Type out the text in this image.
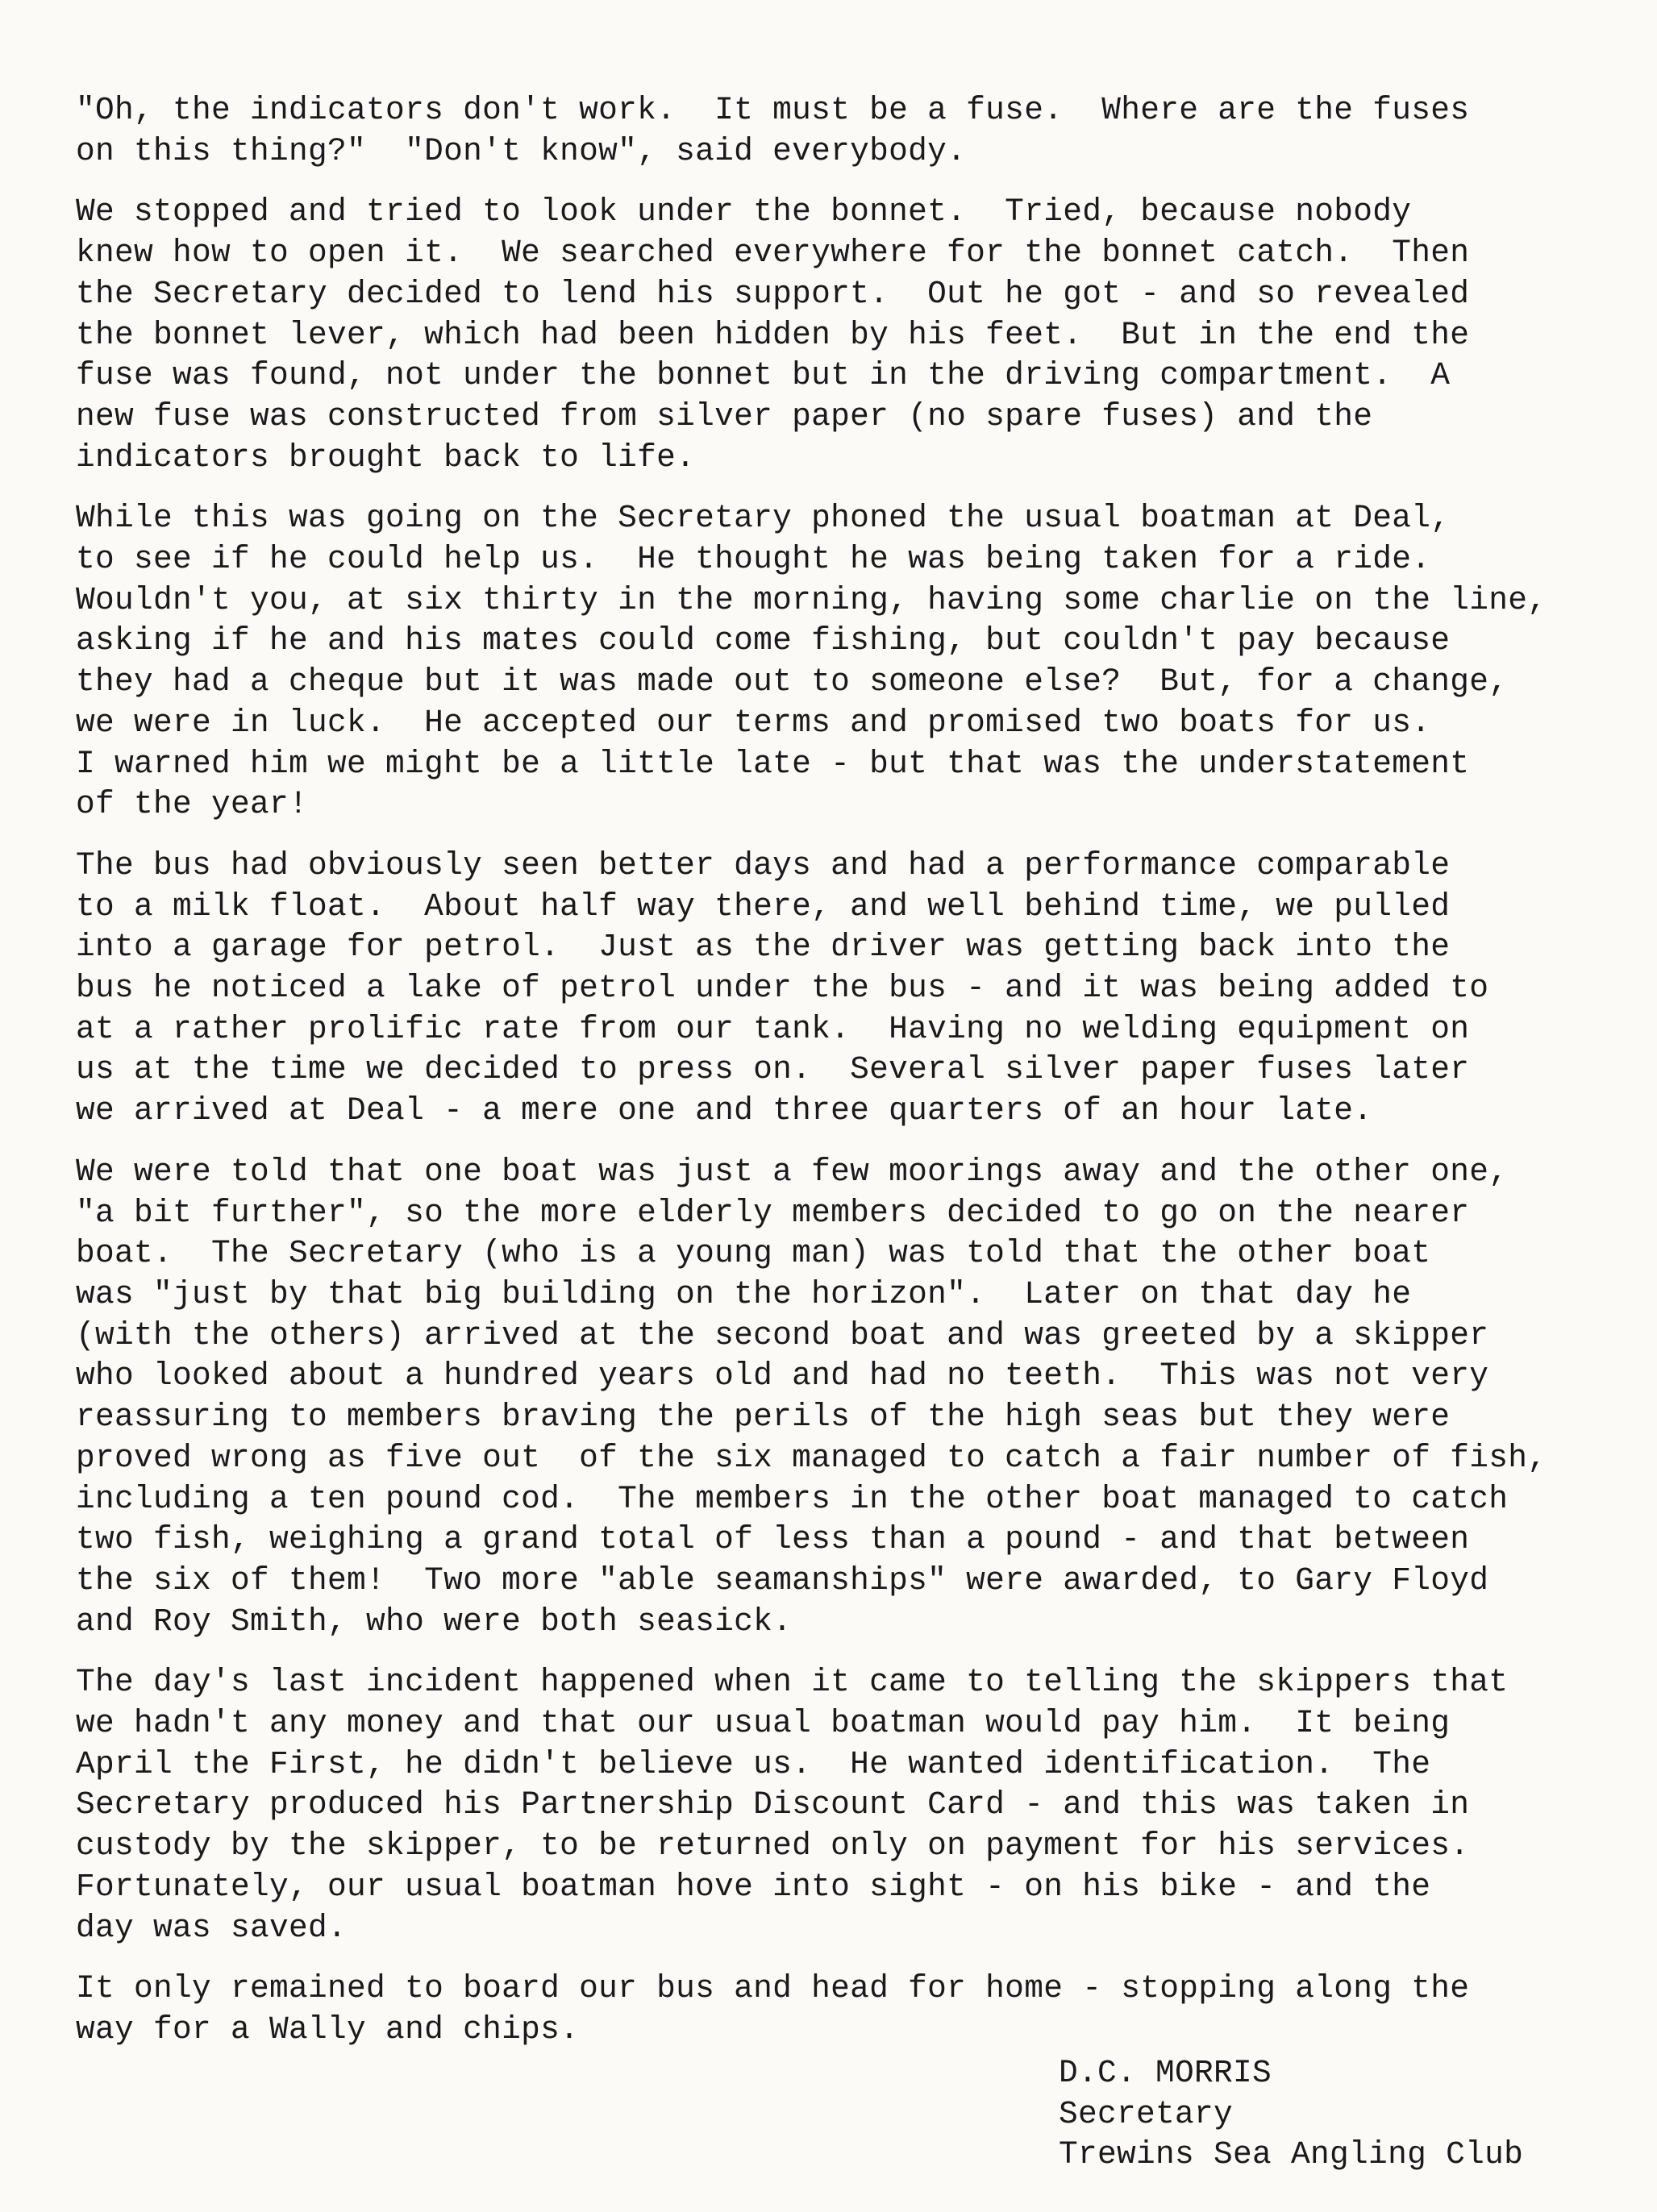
"Oh, the indicators don't work.  It must be a fuse.  Where are the fuses
on this thing?"  "Don't know", said everybody.
We stopped and tried to look under the bonnet.  Tried, because nobody
knew how to open it.  We searched everywhere for the bonnet catch.  Then
the Secretary decided to lend his support.  Out he got - and so revealed
the bonnet lever, which had been hidden by his feet.  But in the end the
fuse was found, not under the bonnet but in the driving compartment.  A
new fuse was constructed from silver paper (no spare fuses) and the
indicators brought back to life.
While this was going on the Secretary phoned the usual boatman at Deal,
to see if he could help us.  He thought he was being taken for a ride.
Wouldn't you, at six thirty in the morning, having some charlie on the line,
asking if he and his mates could come fishing, but couldn't pay because
they had a cheque but it was made out to someone else?  But, for a change,
we were in luck.  He accepted our terms and promised two boats for us.
I warned him we might be a little late - but that was the understatement
of the year!
The bus had obviously seen better days and had a performance comparable
to a milk float.  About half way there, and well behind time, we pulled
into a garage for petrol.  Just as the driver was getting back into the
bus he noticed a lake of petrol under the bus - and it was being added to
at a rather prolific rate from our tank.  Having no welding equipment on
us at the time we decided to press on.  Several silver paper fuses later
we arrived at Deal - a mere one and three quarters of an hour late.
We were told that one boat was just a few moorings away and the other one,
"a bit further", so the more elderly members decided to go on the nearer
boat.  The Secretary (who is a young man) was told that the other boat
was "just by that big building on the horizon".  Later on that day he
(with the others) arrived at the second boat and was greeted by a skipper
who looked about a hundred years old and had no teeth.  This was not very
reassuring to members braving the perils of the high seas but they were
proved wrong as five out  of the six managed to catch a fair number of fish,
including a ten pound cod.  The members in the other boat managed to catch
two fish, weighing a grand total of less than a pound - and that between
the six of them!  Two more "able seamanships" were awarded, to Gary Floyd
and Roy Smith, who were both seasick.
The day's last incident happened when it came to telling the skippers that
we hadn't any money and that our usual boatman would pay him.  It being
April the First, he didn't believe us.  He wanted identification.  The
Secretary produced his Partnership Discount Card - and this was taken in
custody by the skipper, to be returned only on payment for his services.
Fortunately, our usual boatman hove into sight - on his bike - and the
day was saved.
It only remained to board our bus and head for home - stopping along the
way for a Wally and chips.
D.C. MORRIS
Secretary
Trewins Sea Angling Club
